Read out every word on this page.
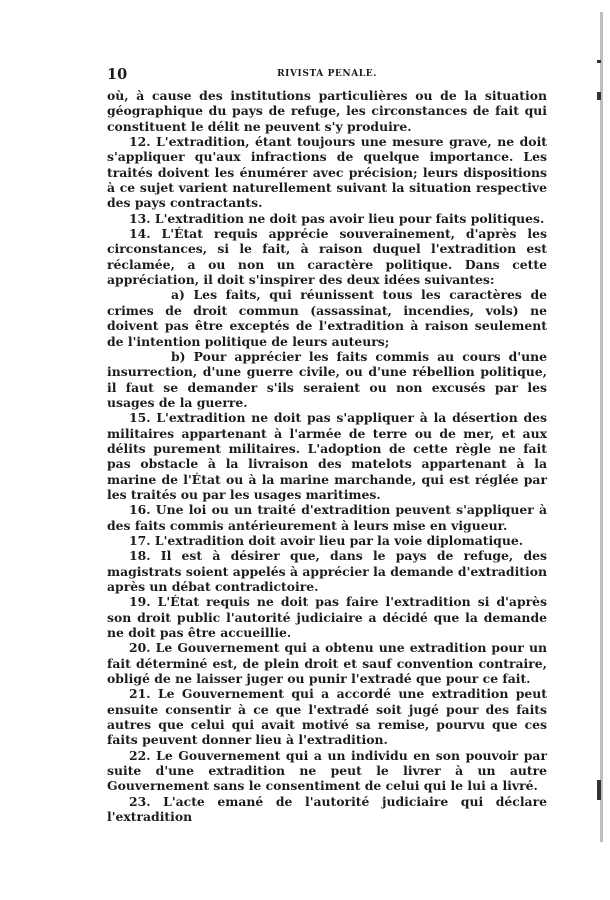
10	RIVISTA PENALE.

où, à cause des institutions particulières ou de la situation géographique du pays de refuge, les circonstances de fait qui constituent le délit ne peuvent s'y produire.

12. L'extradition, étant toujours une mesure grave, ne doit s'appliquer qu'aux infractions de quelque importance. Les traités doivent les énumérer avec précision; leurs dispositions à ce sujet varient naturellement suivant la situation respective des pays contractants.

13. L'extradition ne doit pas avoir lieu pour faits politiques.

14. L'État requis apprécie souverainement, d'après les circonstances, si le fait, à raison duquel l'extradition est réclamée, a ou non un caractère politique. Dans cette appréciation, il doit s'inspirer des deux idées suivantes:

a) Les faits, qui réunissent tous les caractères de crimes de droit commun (assassinat, incendies, vols) ne doivent pas être exceptés de l'extradition à raison seulement de l'intention politique de leurs auteurs;

b) Pour apprécier les faits commis au cours d'une insurrection, d'une guerre civile, ou d'une rébellion politique, il faut se demander s'ils seraient ou non excusés par les usages de la guerre.

15. L'extradition ne doit pas s'appliquer à la désertion des militaires appartenant à l'armée de terre ou de mer, et aux délits purement militaires. L'adoption de cette règle ne fait pas obstacle à la livraison des matelots appartenant à la marine de l'État ou à la marine marchande, qui est réglée par les traités ou par les usages maritimes.

16. Une loi ou un traité d'extradition peuvent s'appliquer à des faits commis antérieurement à leurs mise en vigueur.

17. L'extradition doit avoir lieu par la voie diplomatique.

18. Il est à désirer que, dans le pays de refuge, des magistrats soient appelés à apprécier la demande d'extradition après un débat contradictoire.

19. L'État requis ne doit pas faire l'extradition si d'après son droit public l'autorité judiciaire a décidé que la demande ne doit pas être accueillie.

20. Le Gouvernement qui a obtenu une extradition pour un fait déterminé est, de plein droit et sauf convention contraire, obligé de ne laisser juger ou punir l'extradé que pour ce fait.

21. Le Gouvernement qui a accordé une extradition peut ensuite consentir à ce que l'extradé soit jugé pour des faits autres que celui qui avait motivé sa remise, pourvu que ces faits peuvent donner lieu à l'extradition.

22. Le Gouvernement qui a un individu en son pouvoir par suite d'une extradition ne peut le livrer à un autre Gouvernement sans le consentiment de celui qui le lui a livré.

23. L'acte emané de l'autorité judiciaire qui déclare l'extradition
